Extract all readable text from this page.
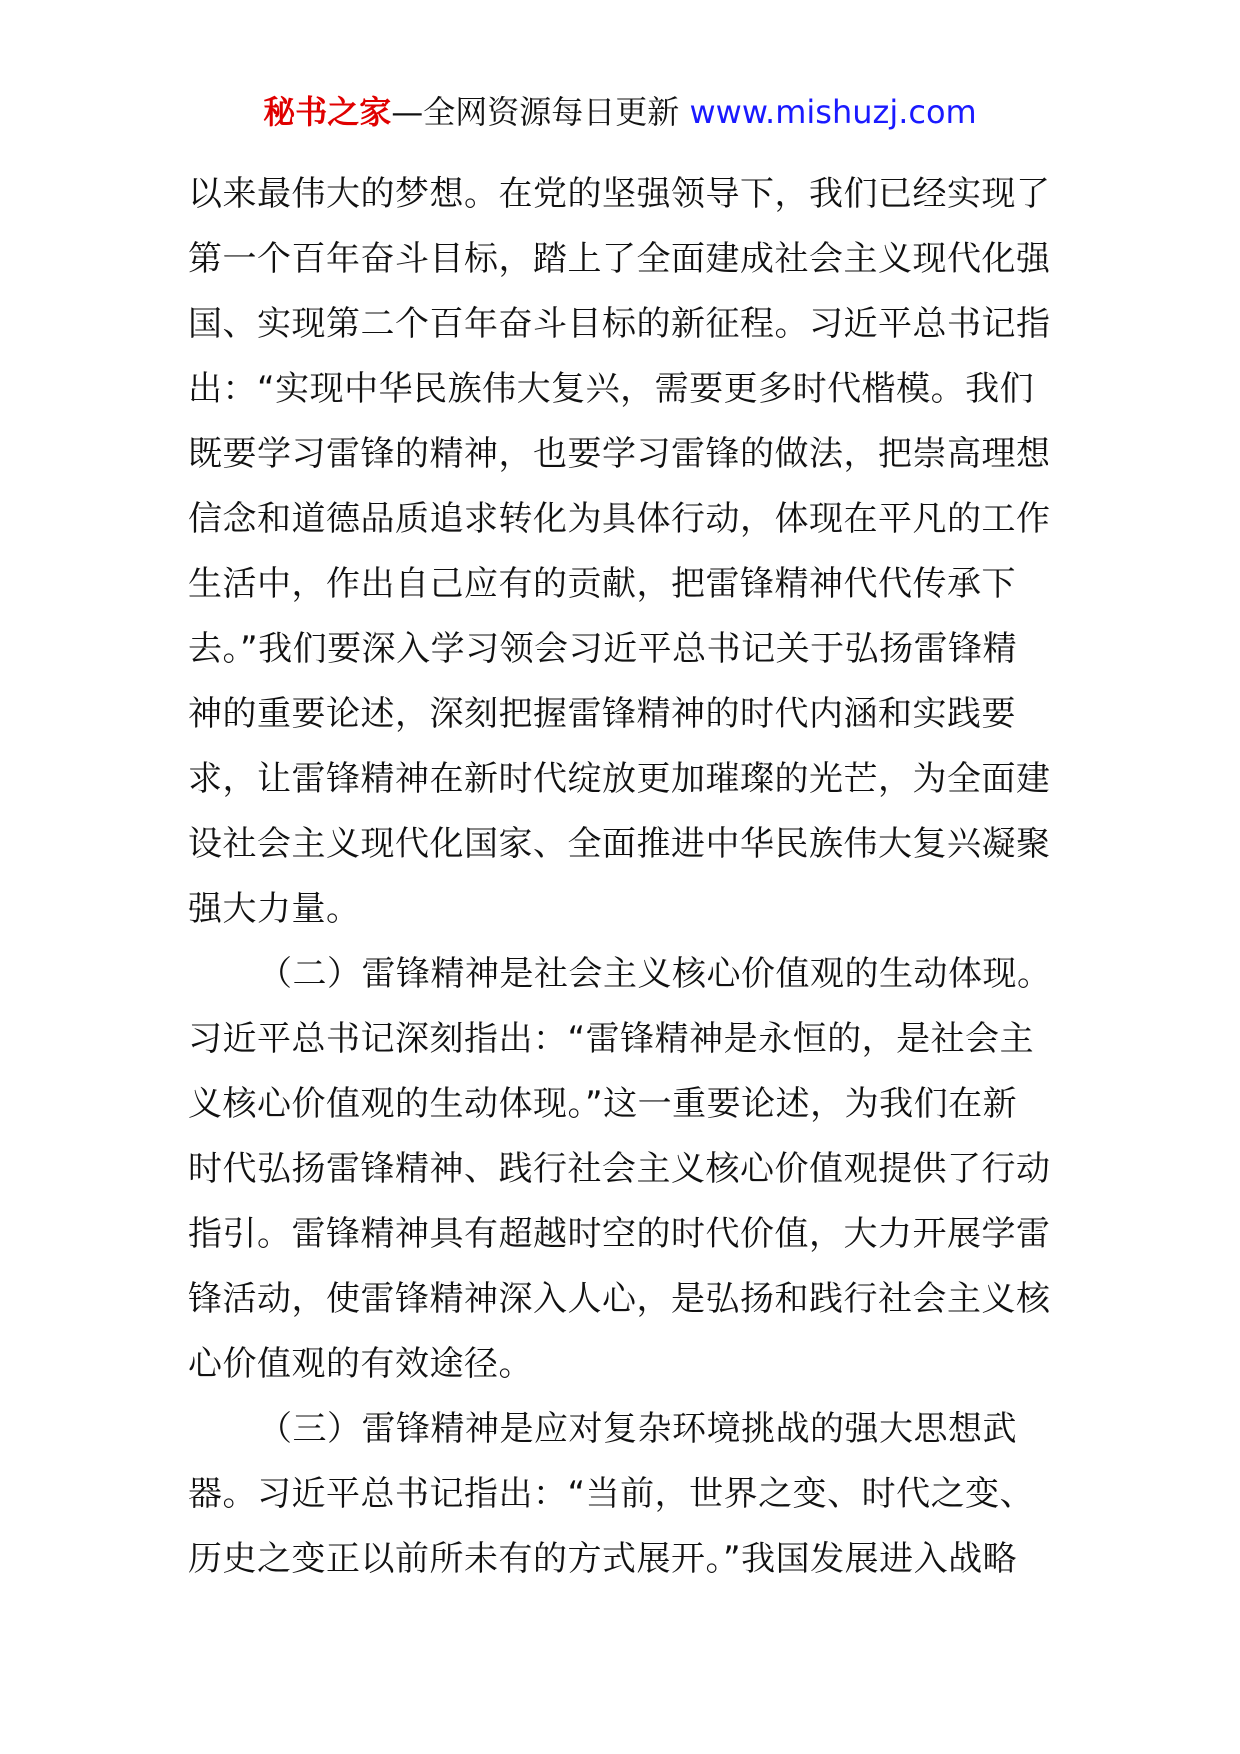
秘书之家—全网资源每日更新 www.mishuzj.com
以来最伟大的梦想。在党的坚强领导下，我们已经实现了
第一个百年奋斗目标，踏上了全面建成社会主义现代化强
国、实现第二个百年奋斗目标的新征程。习近平总书记指
出：“实现中华民族伟大复兴，需要更多时代楷模。我们
既要学习雷锋的精神，也要学习雷锋的做法，把崇高理想
信念和道德品质追求转化为具体行动，体现在平凡的工作
生活中，作出自己应有的贡献，把雷锋精神代代传承下
去。”我们要深入学习领会习近平总书记关于弘扬雷锋精
神的重要论述，深刻把握雷锋精神的时代内涵和实践要
求，让雷锋精神在新时代绽放更加璀璨的光芒，为全面建
设社会主义现代化国家、全面推进中华民族伟大复兴凝聚
强大力量。
（二）雷锋精神是社会主义核心价值观的生动体现。
习近平总书记深刻指出：“雷锋精神是永恒的，是社会主
义核心价值观的生动体现。”这一重要论述，为我们在新
时代弘扬雷锋精神、践行社会主义核心价值观提供了行动
指引。雷锋精神具有超越时空的时代价值，大力开展学雷
锋活动，使雷锋精神深入人心，是弘扬和践行社会主义核
心价值观的有效途径。
（三）雷锋精神是应对复杂环境挑战的强大思想武
器。习近平总书记指出：“当前，世界之变、时代之变、
历史之变正以前所未有的方式展开。”我国发展进入战略
